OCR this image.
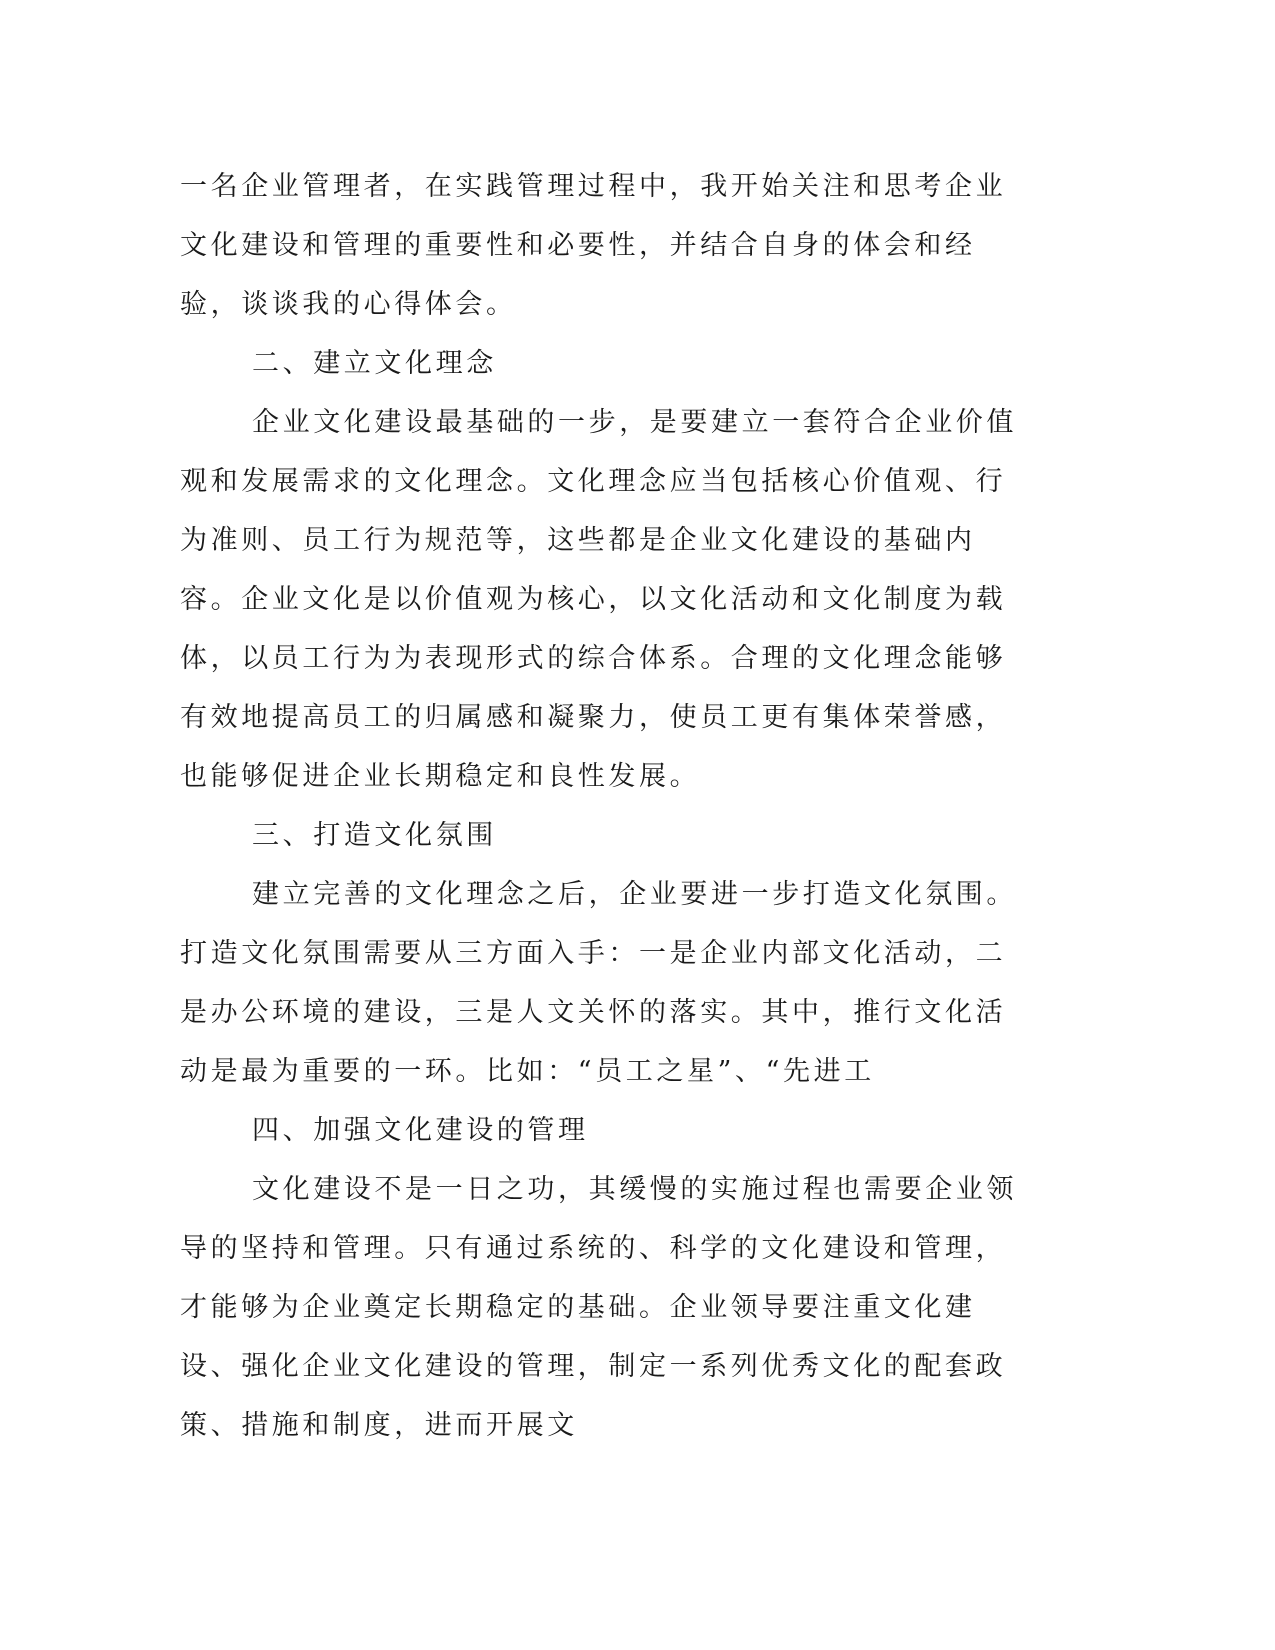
一名企业管理者，在实践管理过程中，我开始关注和思考企业文化建设和管理的重要性和必要性，并结合自身的体会和经验，谈谈我的心得体会。

二、建立文化理念

企业文化建设最基础的一步，是要建立一套符合企业价值观和发展需求的文化理念。文化理念应当包括核心价值观、行为准则、员工行为规范等，这些都是企业文化建设的基础内容。企业文化是以价值观为核心，以文化活动和文化制度为载体，以员工行为为表现形式的综合体系。合理的文化理念能够有效地提高员工的归属感和凝聚力，使员工更有集体荣誉感，也能够促进企业长期稳定和良性发展。

三、打造文化氛围

建立完善的文化理念之后，企业要进一步打造文化氛围。打造文化氛围需要从三方面入手：一是企业内部文化活动，二是办公环境的建设，三是人文关怀的落实。其中，推行文化活动是最为重要的一环。比如：“员工之星”、“先进工

四、加强文化建设的管理

文化建设不是一日之功，其缓慢的实施过程也需要企业领导的坚持和管理。只有通过系统的、科学的文化建设和管理，才能够为企业奠定长期稳定的基础。企业领导要注重文化建设、强化企业文化建设的管理，制定一系列优秀文化的配套政策、措施和制度，进而开展文
